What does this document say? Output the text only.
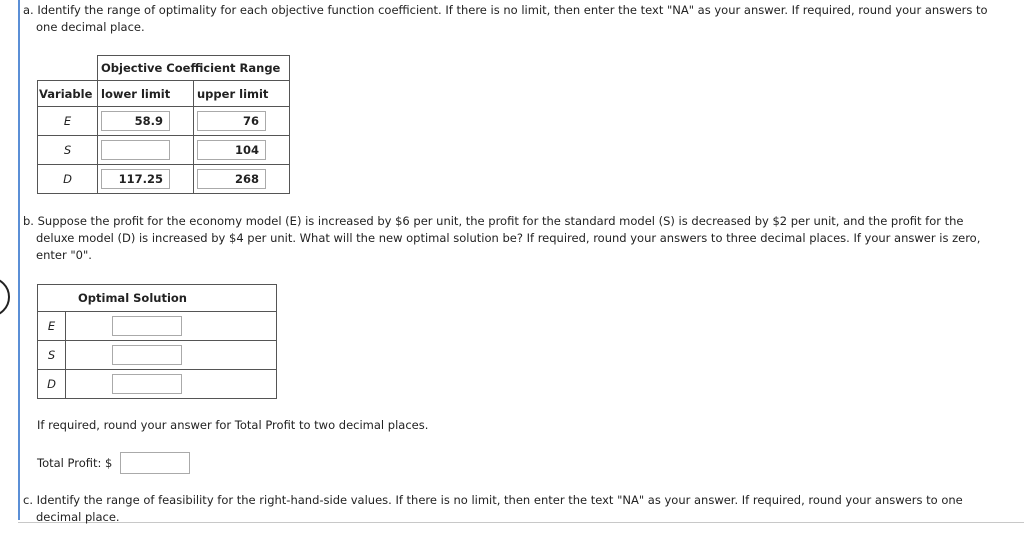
a. Identify the range of optimality for each objective function coefficient. If there is no limit, then enter the text "NA" as your answer. If required, round your answers to
one decimal place.
	Objective Coefficient Range	
Variable	lower limit	upper limit
E	58.9	76
S		104
D	117.25	268
b. Suppose the profit for the economy model (E) is increased by $6 per unit, the profit for the standard model (S) is decreased by $2 per unit, and the profit for the
deluxe model (D) is increased by $4 per unit. What will the new optimal solution be? If required, round your answers to three decimal places. If your answer is zero,
enter "0".
Optimal Solution	
E	
S	
D	
If required, round your answer for Total Profit to two decimal places.
Total Profit: $
c. Identify the range of feasibility for the right-hand-side values. If there is no limit, then enter the text "NA" as your answer. If required, round your answers to one
decimal place.
